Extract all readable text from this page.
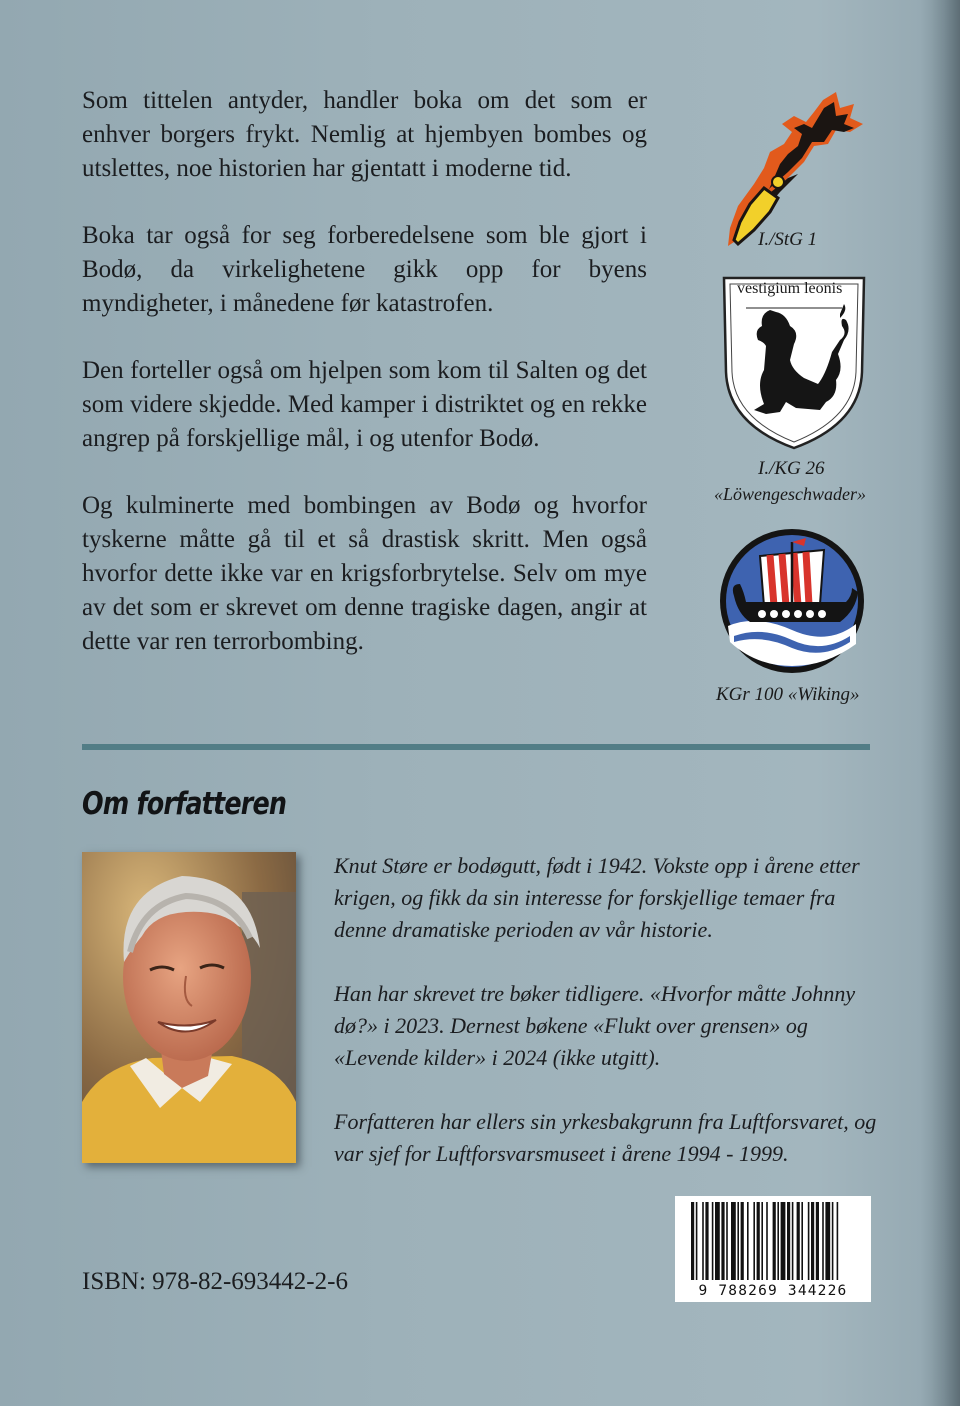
Som tittelen antyder, handler boka om det som er enhver borgers frykt. Nemlig at hjembyen bombes og utslettes, noe historien har gjentatt i moderne tid.

Boka tar også for seg forberedelsene som ble gjort i Bodø, da virkelighetene gikk opp for byens myndigheter, i månedene før katastrofen.

Den forteller også om hjelpen som kom til Salten og det som videre skjedde. Med kamper i distriktet og en rekke angrep på forskjellige mål, i og utenfor Bodø.

Og kulminerte med bombingen av Bodø og hvorfor tyskerne måtte gå til et så drastisk skritt. Men også hvorfor dette ikke var en krigsforbrytelse. Selv om mye av det som er skrevet om denne tragiske dagen, angir at dette var ren terrorbombing.

I./StG 1
vestigium leonis
I./KG 26
«Löwengeschwader»
KGr 100 «Wiking»
Om forfatteren

Knut Støre er bodøgutt, født i 1942. Vokste opp i årene etter krigen, og fikk da sin interesse for forskjellige temaer fra denne dramatiske perioden av vår historie.

Han har skrevet tre bøker tidligere. «Hvorfor måtte Johnny dø?» i 2023. Dernest bøkene «Flukt over grensen» og «Levende kilder» i 2024 (ikke utgitt).

Forfatteren har ellers sin yrkesbakgrunn fra Luftforsvaret, og var sjef for Luftforsvarsmuseet i årene 1994 - 1999.

ISBN: 978-82-693442-2-6	9 788269 344226
